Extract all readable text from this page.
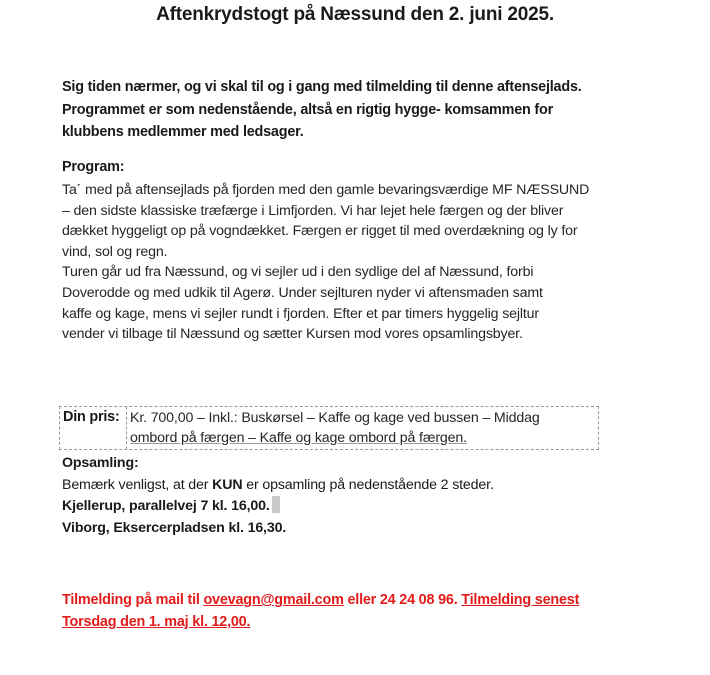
Aftenkrydstogt på Næssund den 2. juni 2025.
Sig tiden nærmer, og vi skal til og i gang med tilmelding til denne aftensejlads.
Programmet er som nedenstående, altså en rigtig hygge- komsammen for
klubbens medlemmer med ledsager.
Program:
Ta´ med på aftensejlads på fjorden med den gamle bevaringsværdige MF NÆSSUND
– den sidste klassiske træfærge i Limfjorden. Vi har lejet hele færgen og der bliver
dækket hyggeligt op på vogndækket. Færgen er rigget til med overdækning og ly for
vind, sol og regn.
Turen går ud fra Næssund, og vi sejler ud i den sydlige del af Næssund, forbi
Doverodde og med udkik til Agerø. Under sejlturen nyder vi aftensmaden samt
kaffe og kage, mens vi sejler rundt i fjorden. Efter et par timers hyggelig sejltur
vender vi tilbage til Næssund og sætter Kursen mod vores opsamlingsbyer.
Din pris: Kr. 700,00 – Inkl.: Buskørsel – Kaffe og kage ved bussen – Middag
ombord på færgen – Kaffe og kage ombord på færgen.
Opsamling:
Bemærk venligst, at der KUN er opsamling på nedenstående 2 steder.
Kjellerup, parallelvej 7 kl. 16,00.
Viborg, Eksercerpladsen kl. 16,30.
Tilmelding på mail til ovevagn@gmail.com eller 24 24 08 96. Tilmelding senest
Torsdag den 1. maj kl. 12,00.
